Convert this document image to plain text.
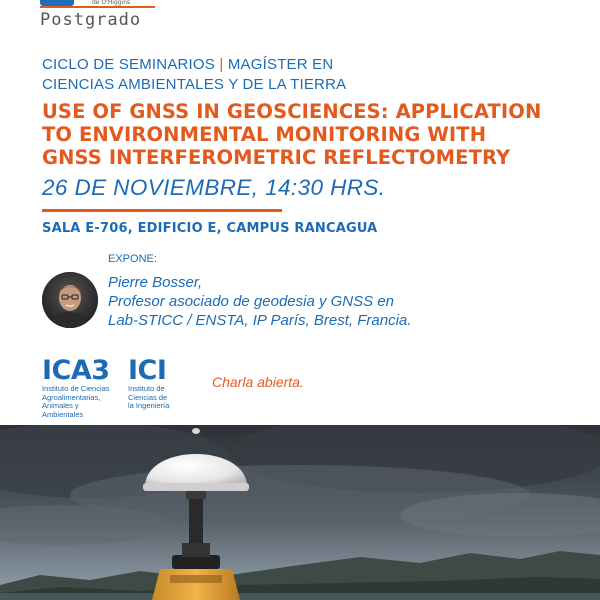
de O'Higgins
Postgrado
CICLO DE SEMINARIOS | MAGÍSTER EN
CIENCIAS AMBIENTALES Y DE LA TIERRA
USE OF GNSS IN GEOSCIENCES: APPLICATION
TO ENVIRONMENTAL MONITORING WITH
GNSS INTERFEROMETRIC REFLECTOMETRY
26 DE NOVIEMBRE, 14:30 HRS.
SALA E-706, EDIFICIO E, CAMPUS RANCAGUA
EXPONE:
Pierre Bosser,
Profesor asociado de geodesia y GNSS en
Lab-STICC / ENSTA, IP París, Brest, Francia.
ICA3
Instituto de Ciencias
Agroalimentarias,
Animales y
Ambientales
ICI
Instituto de
Ciencias de
la Ingeniería
Charla abierta.
